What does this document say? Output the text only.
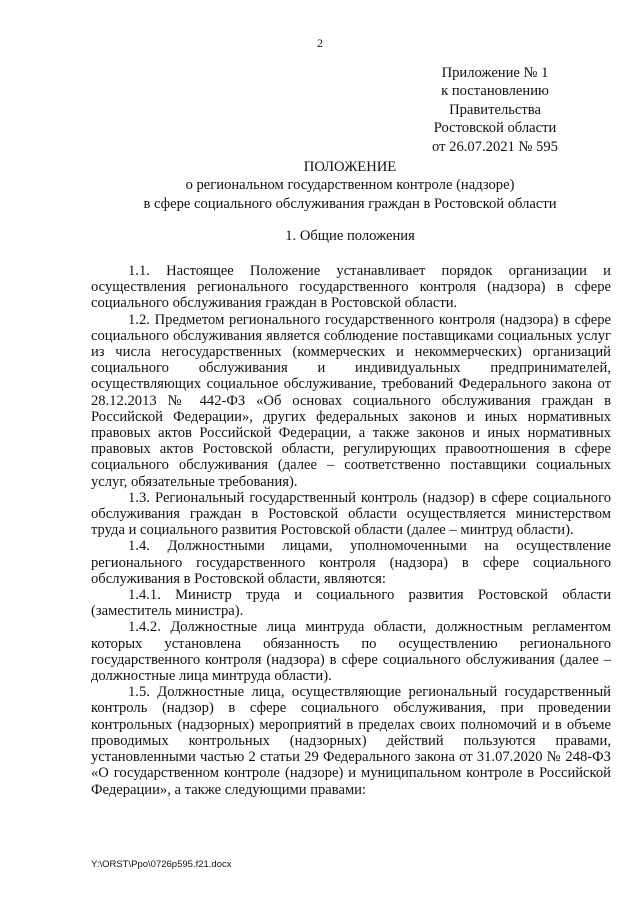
2
Приложение № 1
к постановлению
Правительства
Ростовской области
от 26.07.2021 № 595
ПОЛОЖЕНИЕ
о региональном государственном контроле (надзоре)
в сфере социального обслуживания граждан в Ростовской области
1. Общие положения

1.1. Настоящее Положение устанавливает порядок организации и осуществления регионального государственного контроля (надзора) в сфере социального обслуживания граждан в Ростовской области.

1.2. Предметом регионального государственного контроля (надзора) в сфере социального обслуживания является соблюдение поставщиками социальных услуг из числа негосударственных (коммерческих и некоммерческих) организаций социального обслуживания и индивидуальных предпринимателей, осуществляющих социальное обслуживание, требований Федерального закона от 28.12.2013 № 442-ФЗ «Об основах социального обслуживания граждан в Российской Федерации», других федеральных законов и иных нормативных правовых актов Российской Федерации, а также законов и иных нормативных правовых актов Ростовской области, регулирующих правоотношения в сфере социального обслуживания (далее – соответственно поставщики социальных услуг, обязательные требования).

1.3. Региональный государственный контроль (надзор) в сфере социального обслуживания граждан в Ростовской области осуществляется министерством труда и социального развития Ростовской области (далее – минтруд области).

1.4. Должностными лицами, уполномоченными на осуществление регионального государственного контроля (надзора) в сфере социального обслуживания в Ростовской области, являются:

1.4.1. Министр труда и социального развития Ростовской области (заместитель министра).

1.4.2. Должностные лица минтруда области, должностным регламентом которых установлена обязанность по осуществлению регионального государственного контроля (надзора) в сфере социального обслуживания (далее – должностные лица минтруда области).

1.5. Должностные лица, осуществляющие региональный государственный контроль (надзор) в сфере социального обслуживания, при проведении контрольных (надзорных) мероприятий в пределах своих полномочий и в объеме проводимых контрольных (надзорных) действий пользуются правами, установленными частью 2 статьи 29 Федерального закона от 31.07.2020 № 248-ФЗ «О государственном контроле (надзоре) и муниципальном контроле в Российской Федерации», а также следующими правами:

Y:\ORST\Ppo\0726p595.f21.docx
